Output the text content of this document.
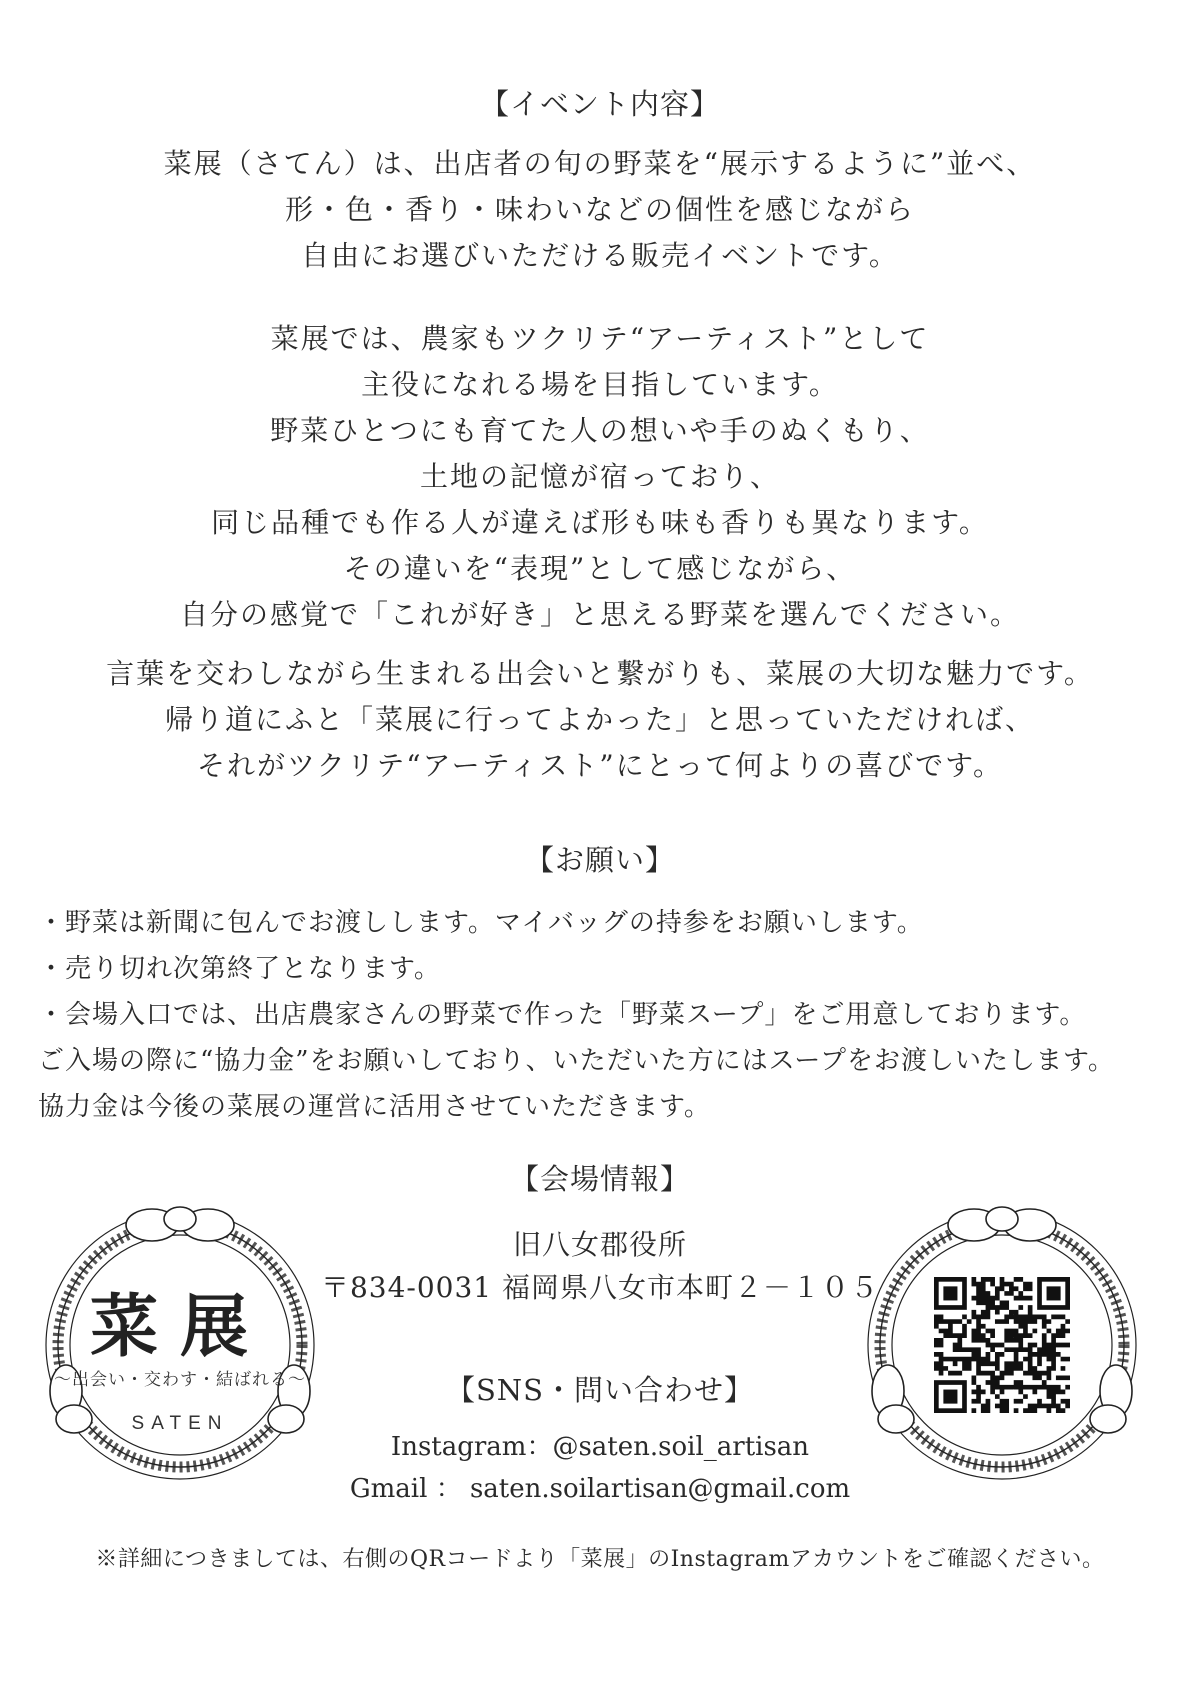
【イベント内容】
菜展（さてん）は、出店者の旬の野菜を“展示するように”並べ、
形・色・香り・味わいなどの個性を感じながら
自由にお選びいただける販売イベントです。
菜展では、農家もツクリテ“アーティスト”として
主役になれる場を目指しています。
野菜ひとつにも育てた人の想いや手のぬくもり、
土地の記憶が宿っており、
同じ品種でも作る人が違えば形も味も香りも異なります。
その違いを“表現”として感じながら、
自分の感覚で「これが好き」と思える野菜を選んでください。
言葉を交わしながら生まれる出会いと繋がりも、菜展の大切な魅力です。
帰り道にふと「菜展に行ってよかった」と思っていただければ、
それがツクリテ“アーティスト”にとって何よりの喜びです。
【お願い】
・野菜は新聞に包んでお渡しします。マイバッグの持参をお願いします。
・売り切れ次第終了となります。
・会場入口では、出店農家さんの野菜で作った「野菜スープ」をご用意しております。
ご入場の際に“協力金”をお願いしており、いただいた方にはスープをお渡しいたします。
協力金は今後の菜展の運営に活用させていただきます。
【会場情報】
旧八女郡役所
〒834-0031 福岡県八女市本町２－１０５
【SNS・問い合わせ】
Instagram：@saten.soil_artisan
Gmail ： saten.soilartisan@gmail.com
※詳細につきましては、右側のQRコードより「菜展」のInstagramアカウントをご確認ください。
菜展
～出会い・交わす・結ばれる～
SATEN
